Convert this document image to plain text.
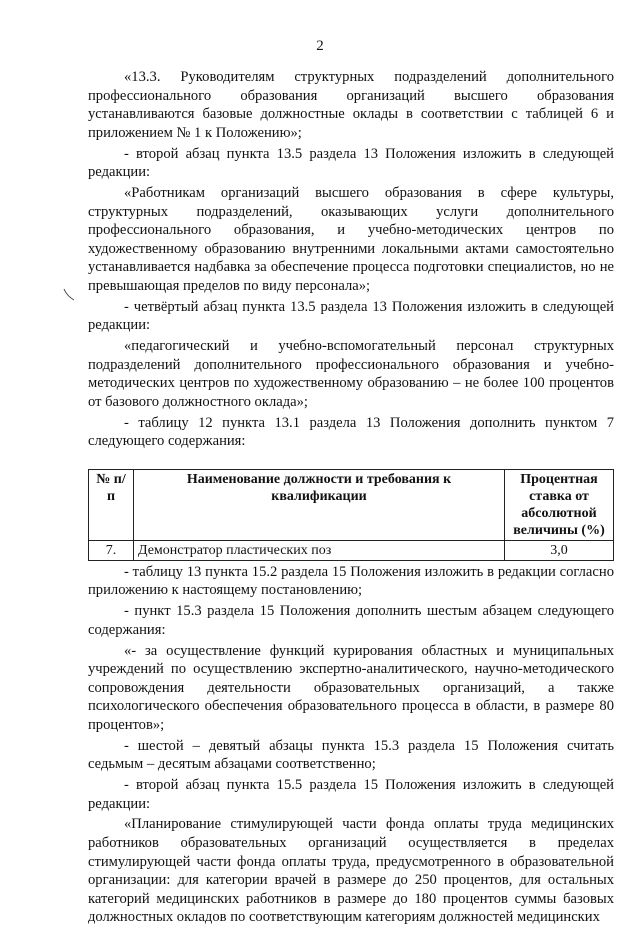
2

«13.3. Руководителям структурных подразделений дополнительного профессионального образования организаций высшего образования устанавливаются базовые должностные оклады в соответствии с таблицей 6 и приложением № 1 к Положению»;

- второй абзац пункта 13.5 раздела 13 Положения изложить в следующей редакции:

«Работникам организаций высшего образования в сфере культуры, структурных подразделений, оказывающих услуги дополнительного профессионального образования, и учебно-методических центров по художественному образованию внутренними локальными актами самостоятельно устанавливается надбавка за обеспечение процесса подготовки специалистов, но не превышающая пределов по виду персонала»;

- четвёртый абзац пункта 13.5 раздела 13 Положения изложить в следующей редакции:

«педагогический и учебно-вспомогательный персонал структурных подразделений дополнительного профессионального образования и учебно-методических центров по художественному образованию – не более 100 процентов от базового должностного оклада»;

- таблицу 12 пункта 13.1 раздела 13 Положения дополнить пунктом 7 следующего содержания:

№ п/п	Наименование должности и требования к квалификации	Процентная ставка от абсолютной величины (%)
7.	Демонстратор пластических поз	3,0

- таблицу 13 пункта 15.2 раздела 15 Положения изложить в редакции согласно приложению к настоящему постановлению;

- пункт 15.3 раздела 15 Положения дополнить шестым абзацем следующего содержания:

«- за осуществление функций курирования областных и муниципальных учреждений по осуществлению экспертно-аналитического, научно-методического сопровождения деятельности образовательных организаций, а также психологического обеспечения образовательного процесса в области, в размере 80 процентов»;

- шестой – девятый абзацы пункта 15.3 раздела 15 Положения считать седьмым – десятым абзацами соответственно;

- второй абзац пункта 15.5 раздела 15 Положения изложить в следующей редакции:

«Планирование стимулирующей части фонда оплаты труда медицинских работников образовательных организаций осуществляется в пределах стимулирующей части фонда оплаты труда, предусмотренного в образовательной организации: для категории врачей в размере до 250 процентов, для остальных категорий медицинских работников в размере до 180 процентов суммы базовых должностных окладов по соответствующим категориям должностей медицинских
